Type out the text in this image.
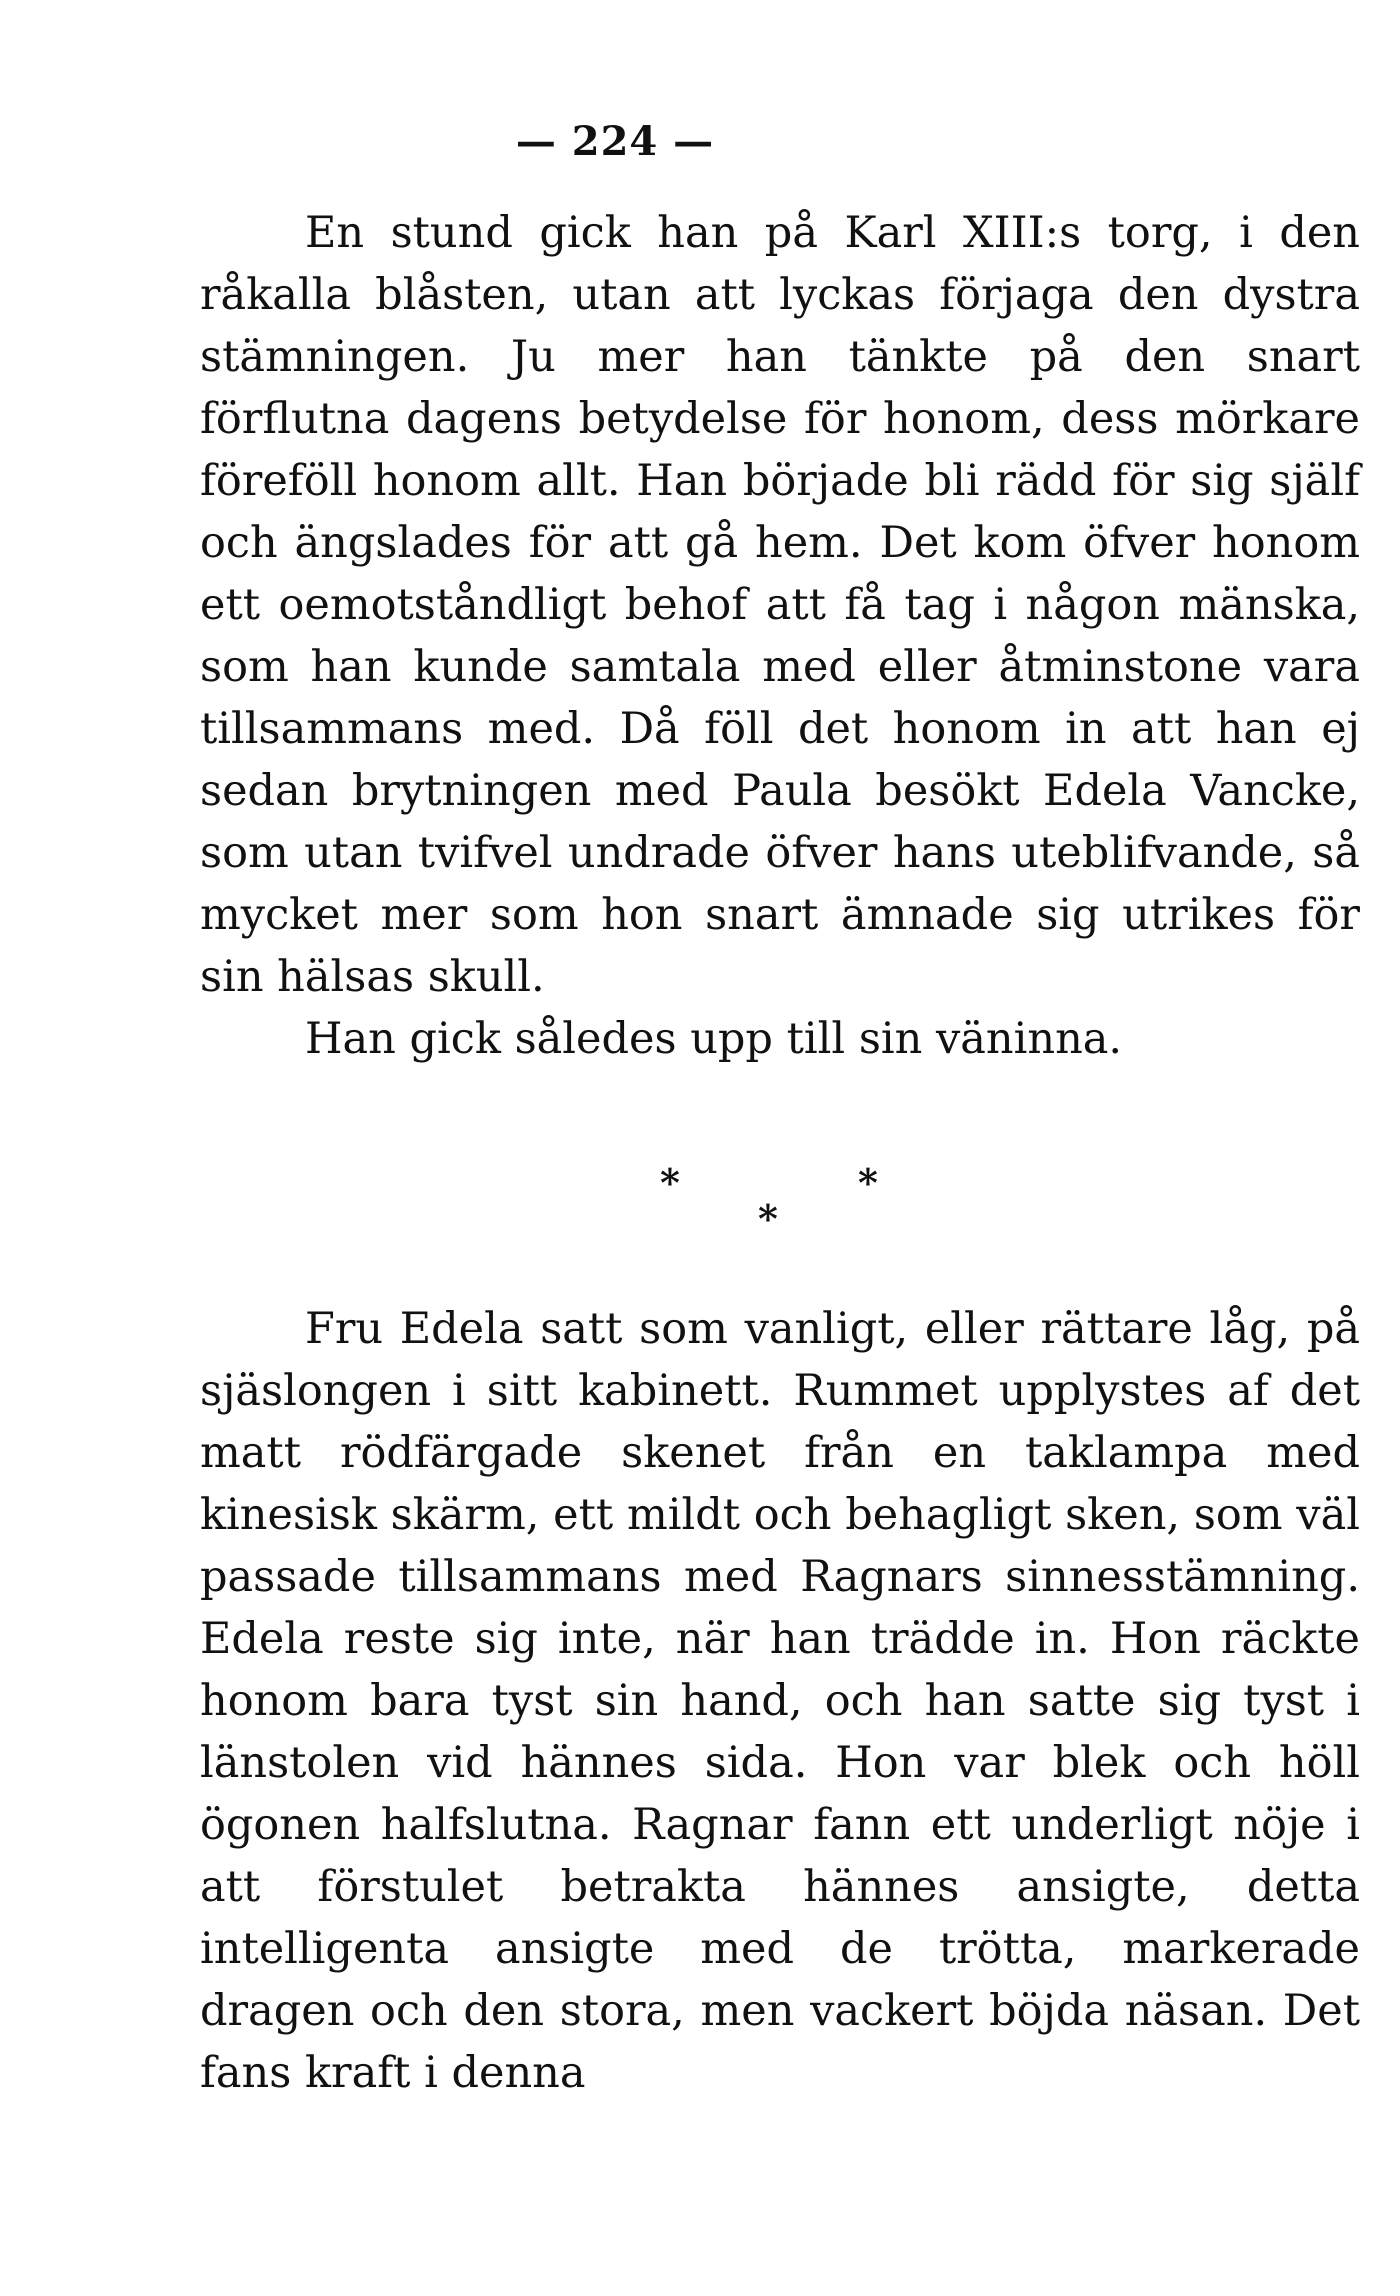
— 224 —

En stund gick han på Karl XIII:s torg, i den råkalla blåsten, utan att lyckas förjaga den dystra stämningen. Ju mer han tänkte på den snart förflutna dagens betydelse för honom, dess mörkare föreföll honom allt. Han började bli rädd för sig själf och ängslades för att gå hem. Det kom öfver honom ett oemotståndligt behof att få tag i någon mänska, som han kunde samtala med eller åtminstone vara tillsammans med. Då föll det honom in att han ej sedan brytningen med Paula besökt Edela Vancke, som utan tvifvel undrade öfver hans uteblifvande, så mycket mer som hon snart ämnade sig utrikes för sin hälsas skull.

Han gick således upp till sin väninna.

*	*
*

Fru Edela satt som vanligt, eller rättare låg, på sjäslongen i sitt kabinett. Rummet upplystes af det matt rödfärgade skenet från en taklampa med kinesisk skärm, ett mildt och behagligt sken, som väl passade tillsammans med Ragnars sinnesstämning. Edela reste sig inte, när han trädde in. Hon räckte honom bara tyst sin hand, och han satte sig tyst i länstolen vid hännes sida. Hon var blek och höll ögonen halfslutna. Ragnar fann ett underligt nöje i att förstulet betrakta hännes ansigte, detta intelligenta ansigte med de trötta, markerade dragen och den stora, men vackert böjda näsan. Det fans kraft i denna
